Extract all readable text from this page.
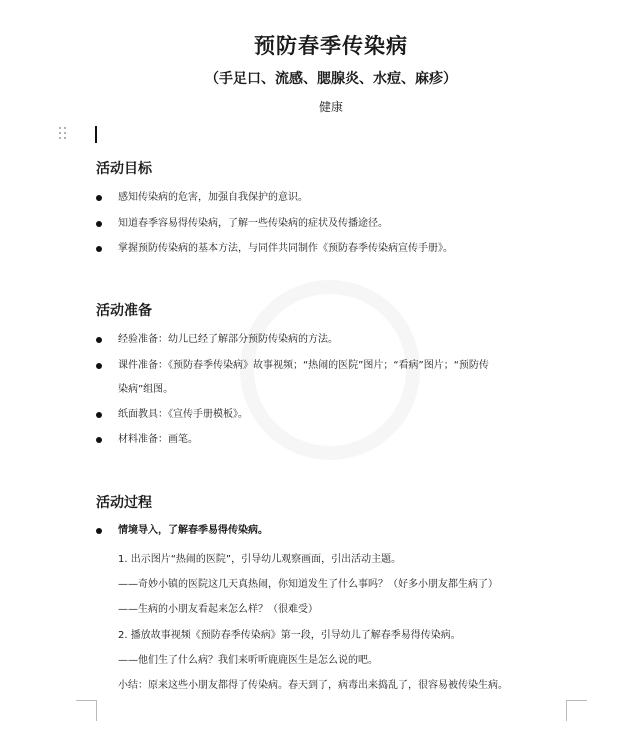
预防春季传染病
（手足口、流感、腮腺炎、水痘、麻疹）
健康
活动目标
感知传染病的危害，加强自我保护的意识。
知道春季容易得传染病，了解一些传染病的症状及传播途径。
掌握预防传染病的基本方法，与同伴共同制作《预防春季传染病宣传手册》。
活动准备
经验准备：幼儿已经了解部分预防传染病的方法。
课件准备：《预防春季传染病》故事视频；“热闹的医院”图片；“看病”图片；“预防传
染病”组图。
纸面教具：《宣传手册模板》。
材料准备：画笔。
活动过程
情境导入，了解春季易得传染病。
1. 出示图片“热闹的医院”，引导幼儿观察画面，引出活动主题。
——奇妙小镇的医院这几天真热闹，你知道发生了什么事吗？（好多小朋友都生病了）
——生病的小朋友看起来怎么样？（很难受）
2. 播放故事视频《预防春季传染病》第一段，引导幼儿了解春季易得传染病。
——他们生了什么病？我们来听听鹿鹿医生是怎么说的吧。
小结：原来这些小朋友都得了传染病。春天到了，病毒出来捣乱了，很容易被传染生病。
